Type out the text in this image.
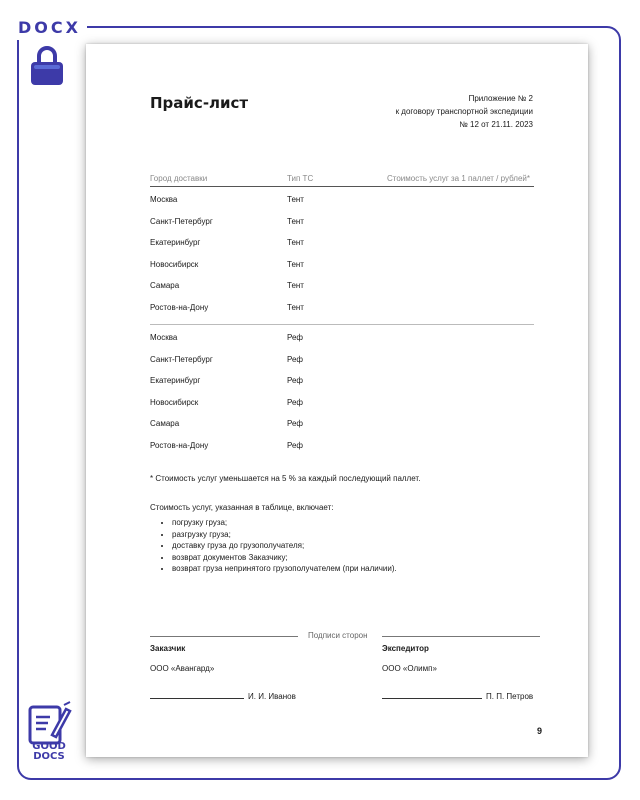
DOCX
GOOD
DOCS
Прайс-лист	Приложение № 2
к договору транспортной экспедиции
№ 12 от 21.11. 2023
Город доставки	Тип ТС	Стоимость услуг за 1 паллет / рублей*
Москва	Тент
Санкт-Петербург	Тент
Екатеринбург	Тент
Новосибирск	Тент
Самара	Тент
Ростов-на-Дону	Тент
Москва	Реф
Санкт-Петербург	Реф
Екатеринбург	Реф
Новосибирск	Реф
Самара	Реф
Ростов-на-Дону	Реф
* Стоимость услуг уменьшается на 5 % за каждый последующий паллет.
Стоимость услуг, указанная в таблице, включает:
• погрузку груза;
• разгрузку груза;
• доставку груза до грузополучателя;
• возврат документов Заказчику;
• возврат груза непринятого грузополучателем (при наличии).
Подписи сторон
Заказчик
ООО «Авангард»
И. И. Иванов
Экспедитор
ООО «Олимп»
П. П. Петров
9
